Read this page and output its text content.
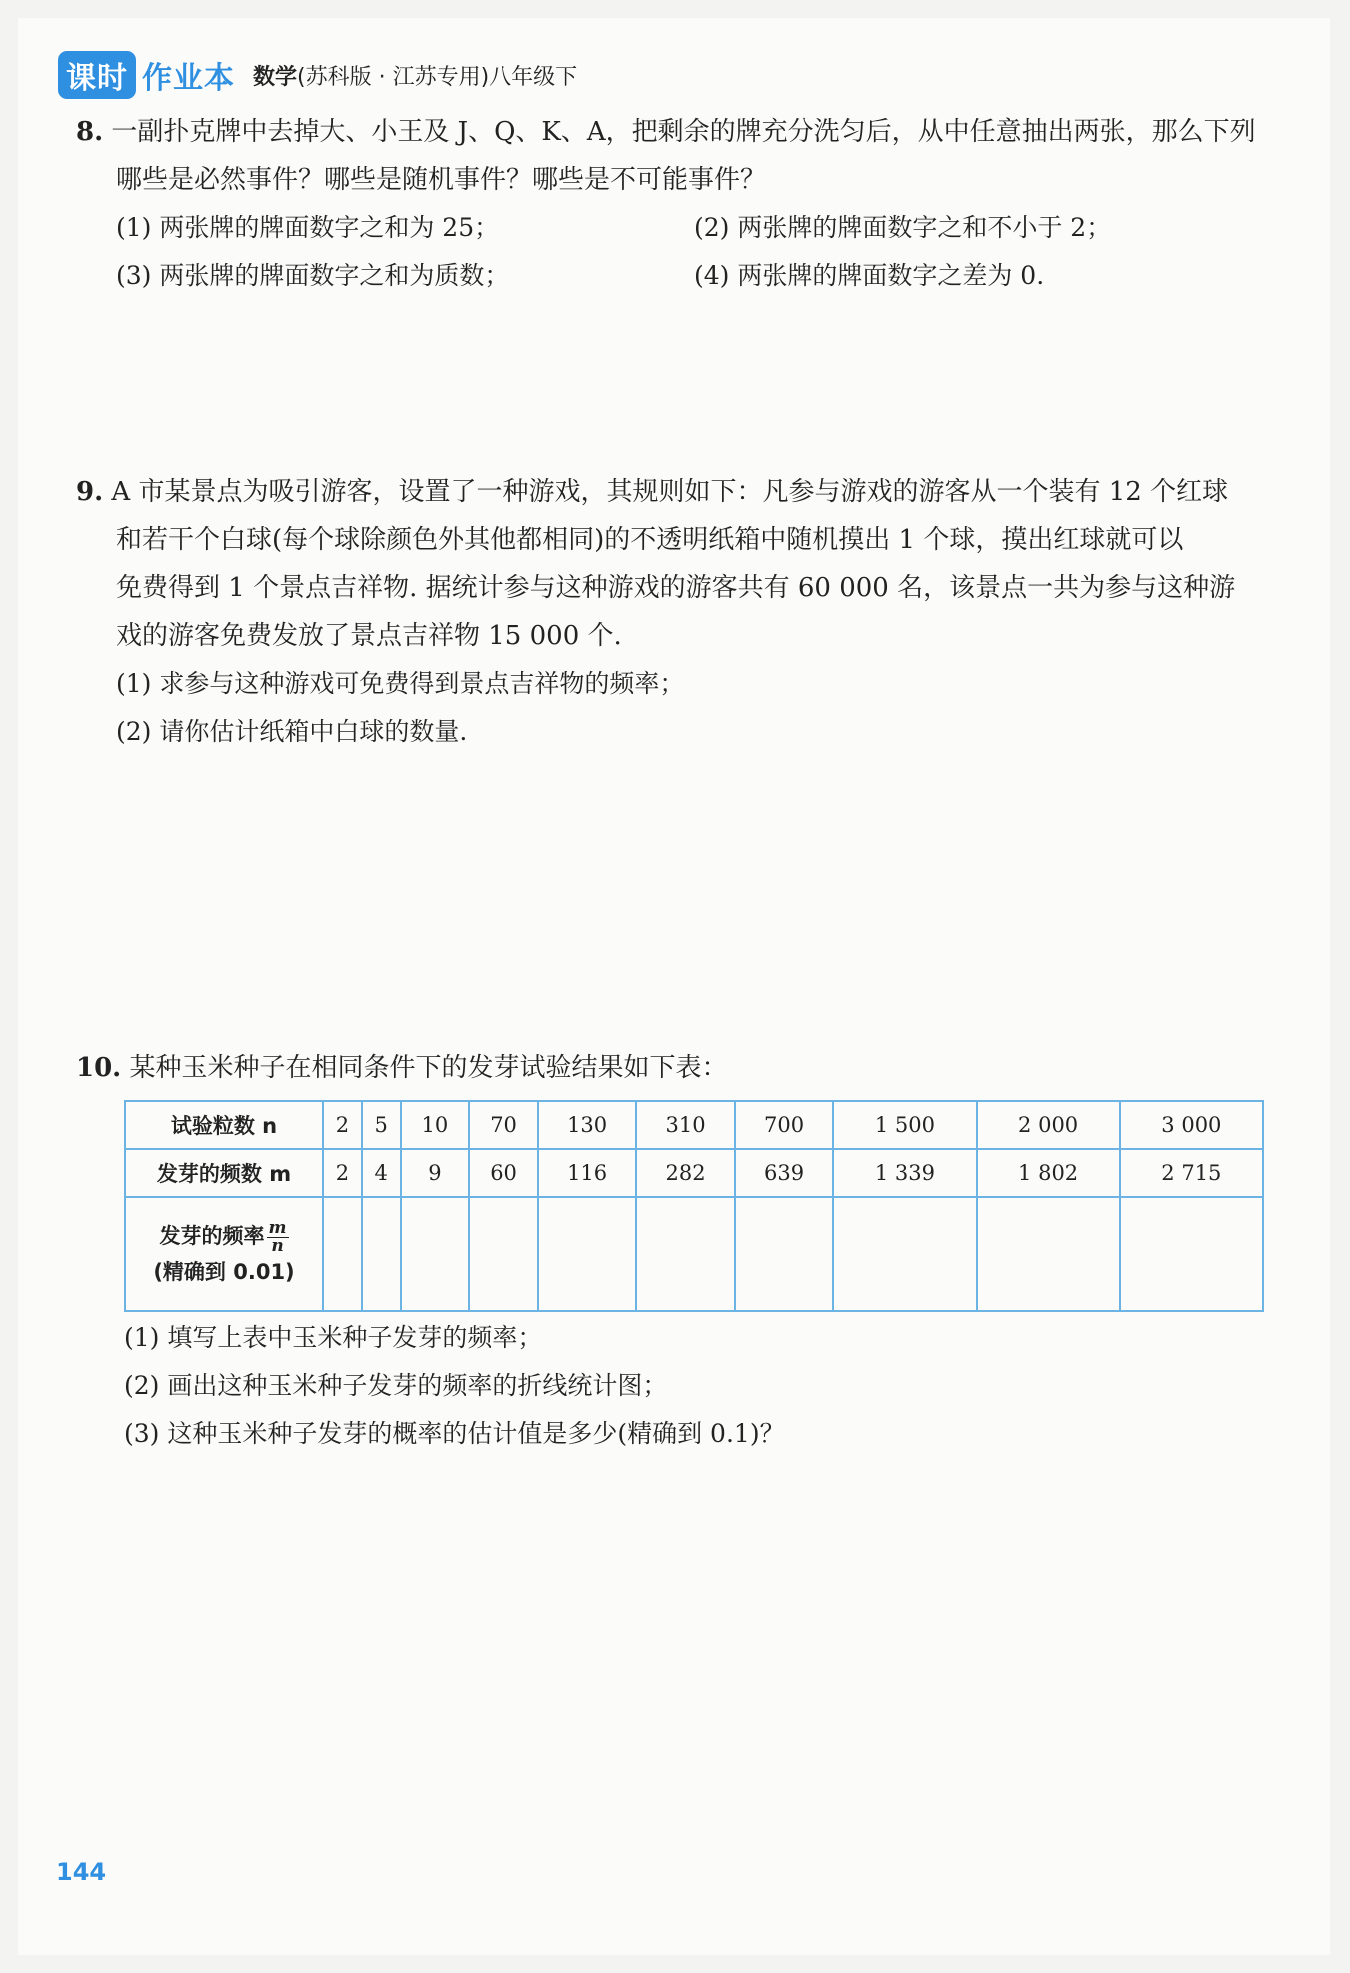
课时 作业本 数学(苏科版 · 江苏专用)八年级下
8. 一副扑克牌中去掉大、小王及 J、Q、K、A，把剩余的牌充分洗匀后，从中任意抽出两张，那么下列
哪些是必然事件？哪些是随机事件？哪些是不可能事件？
(1) 两张牌的牌面数字之和为 25；	(2) 两张牌的牌面数字之和不小于 2；
(3) 两张牌的牌面数字之和为质数；	(4) 两张牌的牌面数字之差为 0.
9. A 市某景点为吸引游客，设置了一种游戏，其规则如下：凡参与游戏的游客从一个装有 12 个红球
和若干个白球(每个球除颜色外其他都相同)的不透明纸箱中随机摸出 1 个球，摸出红球就可以
免费得到 1 个景点吉祥物. 据统计参与这种游戏的游客共有 60 000 名，该景点一共为参与这种游
戏的游客免费发放了景点吉祥物 15 000 个.
(1) 求参与这种游戏可免费得到景点吉祥物的频率；
(2) 请你估计纸箱中白球的数量.
10. 某种玉米种子在相同条件下的发芽试验结果如下表：
试验粒数 n	2	5	10	70	130	310	700	1 500	2 000	3 000
发芽的频数 m	2	4	9	60	116	282	639	1 339	1 802	2 715

发芽的频率 $\frac{m}{n}$
(精确到 0.01)										

(1) 填写上表中玉米种子发芽的频率；
(2) 画出这种玉米种子发芽的频率的折线统计图；
(3) 这种玉米种子发芽的概率的估计值是多少(精确到 0.1)？
144
